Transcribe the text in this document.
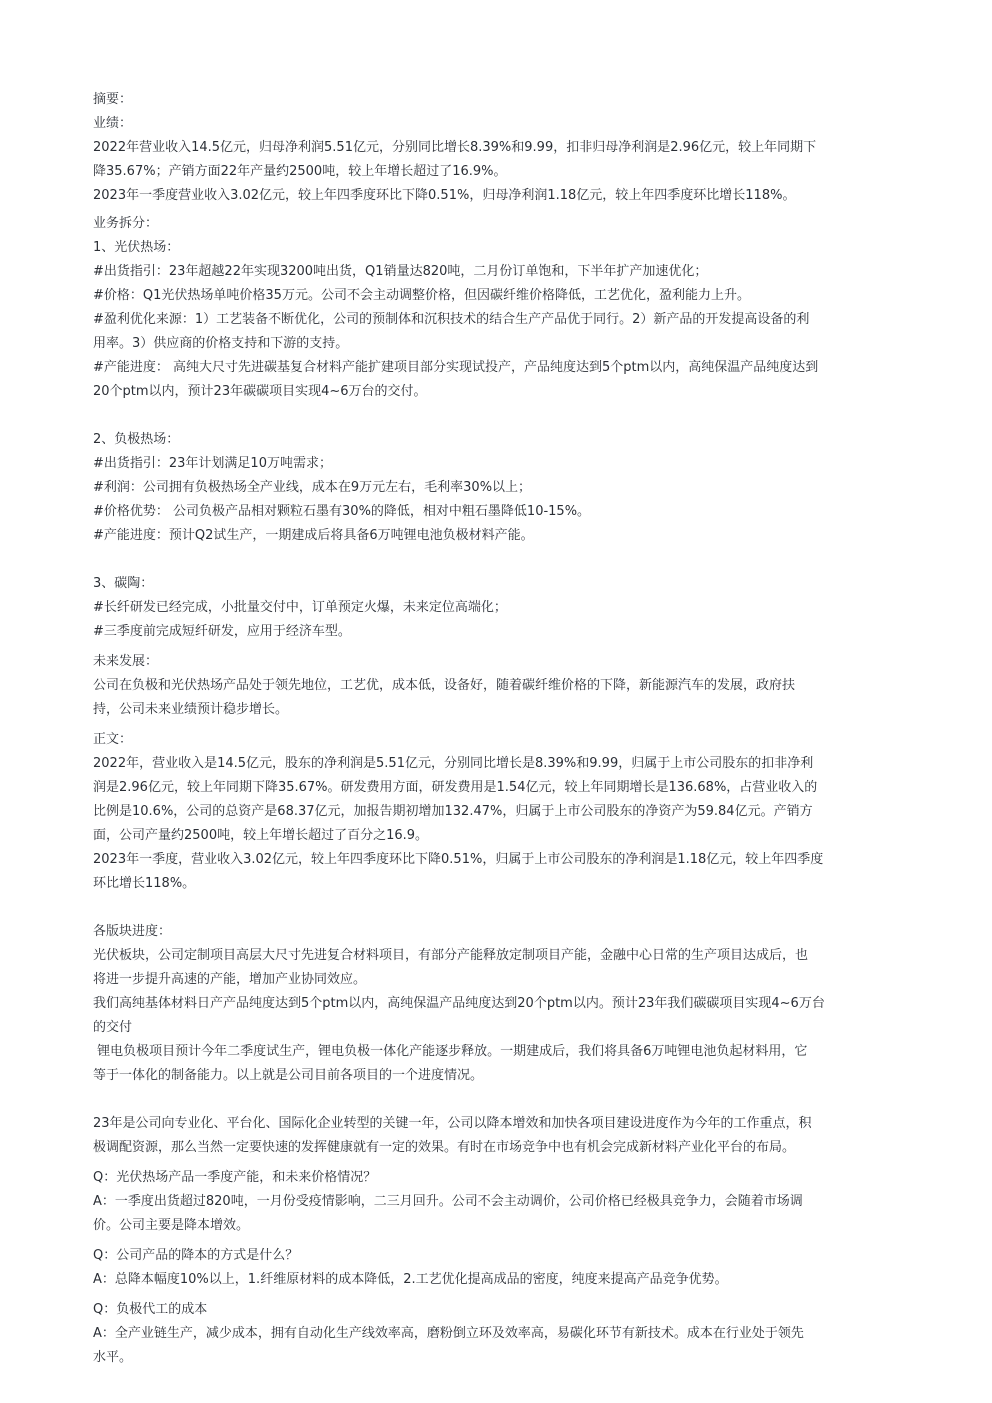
摘要：
业绩：
2022年营业收入14.5亿元，归母净利润5.51亿元，分别同比增长8.39%和9.99，扣非归母净利润是2.96亿元，较上年同期下
降35.67%；产销方面22年产量约2500吨，较上年增长超过了16.9%。
2023年一季度营业收入3.02亿元，较上年四季度环比下降0.51%，归母净利润1.18亿元，较上年四季度环比增长118%。
业务拆分：
1、光伏热场：
#出货指引：23年超越22年实现3200吨出货，Q1销量达820吨，二月份订单饱和，下半年扩产加速优化；
#价格：Q1光伏热场单吨价格35万元。公司不会主动调整价格，但因碳纤维价格降低，工艺优化，盈利能力上升。
#盈利优化来源：1）工艺装备不断优化，公司的预制体和沉积技术的结合生产产品优于同行。2）新产品的开发提高设备的利
用率。3）供应商的价格支持和下游的支持。
#产能进度： 高纯大尺寸先进碳基复合材料产能扩建项目部分实现试投产，产品纯度达到5个ptm以内，高纯保温产品纯度达到
20个ptm以内，预计23年碳碳项目实现4~6万台的交付。
2、负极热场：
#出货指引：23年计划满足10万吨需求；
#利润：公司拥有负极热场全产业线，成本在9万元左右，毛利率30%以上；
#价格优势： 公司负极产品相对颗粒石墨有30%的降低，相对中粗石墨降低10-15%。
#产能进度：预计Q2试生产，一期建成后将具备6万吨锂电池负极材料产能。
3、碳陶：
#长纤研发已经完成，小批量交付中，订单预定火爆，未来定位高端化；
#三季度前完成短纤研发，应用于经济车型。
未来发展：
公司在负极和光伏热场产品处于领先地位，工艺优，成本低，设备好，随着碳纤维价格的下降，新能源汽车的发展，政府扶
持，公司未来业绩预计稳步增长。
正文：
2022年，营业收入是14.5亿元，股东的净利润是5.51亿元，分别同比增长是8.39%和9.99，归属于上市公司股东的扣非净利
润是2.96亿元，较上年同期下降35.67%。研发费用方面，研发费用是1.54亿元，较上年同期增长是136.68%，占营业收入的
比例是10.6%，公司的总资产是68.37亿元，加报告期初增加132.47%，归属于上市公司股东的净资产为59.84亿元。产销方
面，公司产量约2500吨，较上年增长超过了百分之16.9。
2023年一季度，营业收入3.02亿元，较上年四季度环比下降0.51%，归属于上市公司股东的净利润是1.18亿元，较上年四季度
环比增长118%。
各版块进度：
光伏板块，公司定制项目高层大尺寸先进复合材料项目，有部分产能释放定制项目产能，金融中心日常的生产项目达成后，也
将进一步提升高速的产能，增加产业协同效应。
我们高纯基体材料日产产品纯度达到5个ptm以内，高纯保温产品纯度达到20个ptm以内。预计23年我们碳碳项目实现4~6万台
的交付
锂电负极项目预计今年二季度试生产，锂电负极一体化产能逐步释放。一期建成后，我们将具备6万吨锂电池负起材料用，它
等于一体化的制备能力。以上就是公司目前各项目的一个进度情况。
23年是公司向专业化、平台化、国际化企业转型的关键一年，公司以降本增效和加快各项目建设进度作为今年的工作重点，积
极调配资源，那么当然一定要快速的发挥健康就有一定的效果。有时在市场竞争中也有机会完成新材料产业化平台的布局。
Q：光伏热场产品一季度产能，和未来价格情况？
A：一季度出货超过820吨，一月份受疫情影响，二三月回升。公司不会主动调价，公司价格已经极具竞争力，会随着市场调
价。公司主要是降本增效。
Q：公司产品的降本的方式是什么？
A：总降本幅度10%以上，1.纤维原材料的成本降低，2.工艺优化提高成品的密度，纯度来提高产品竞争优势。
Q：负极代工的成本
A：全产业链生产，减少成本，拥有自动化生产线效率高，磨粉倒立环及效率高，易碳化环节有新技术。成本在行业处于领先
水平。
